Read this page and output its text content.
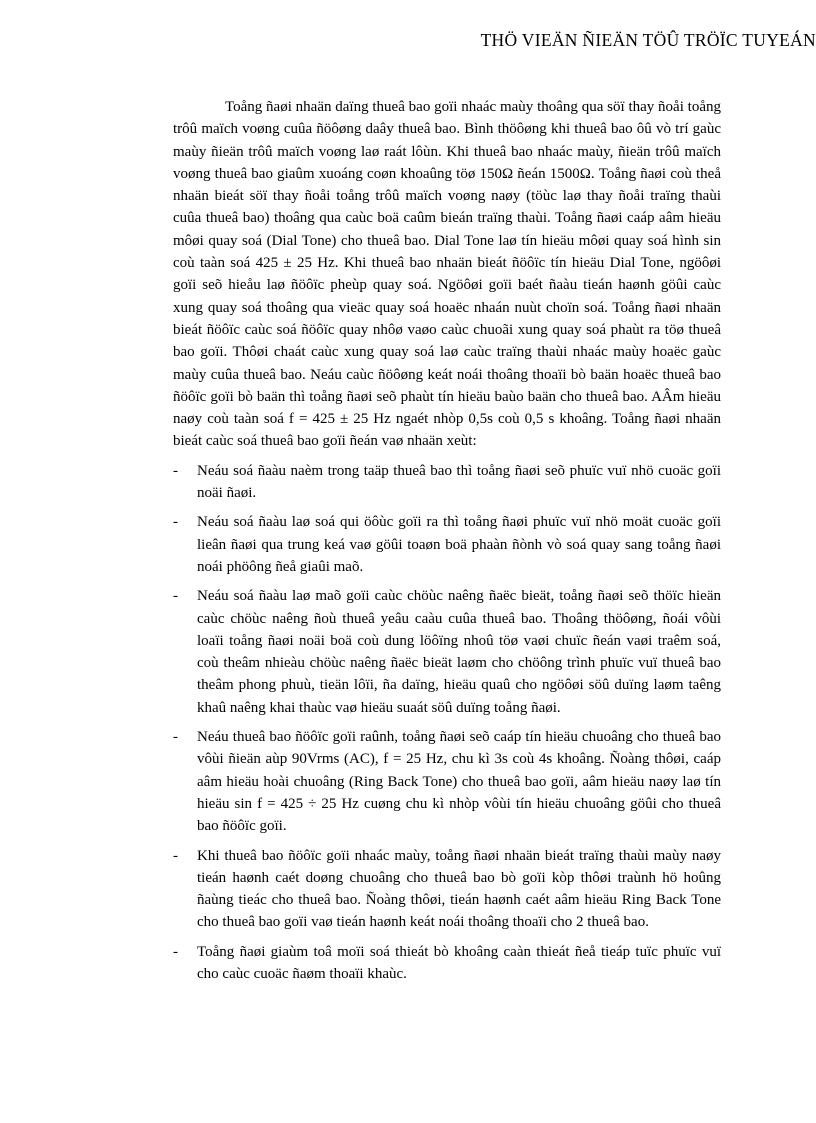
THÖ VIEÄN ÑIEÄN TÖÛ TRÖÏC TUYEÁN

Toång ñaøi nhaän daïng thueâ bao goïi nhaác maùy thoâng qua söï thay ñoåi toång trôû maïch voøng cuûa ñöôøng daây thueâ bao. Bình thöôøng khi thueâ bao ôû vò trí gaùc maùy ñieän trôû maïch voøng laø raát lôùn. Khi thueâ bao nhaác maùy, ñieän trôû maïch voøng thueâ bao giaûm xuoáng coøn khoaûng töø 150Ω ñeán 1500Ω. Toång ñaøi coù theå nhaän bieát söï thay ñoåi toång trôû maïch voøng naøy (töùc laø thay ñoåi traïng thaùi cuûa thueâ bao) thoâng qua caùc boä caûm bieán traïng thaùi. Toång ñaøi caáp aâm hieäu môøi quay soá (Dial Tone) cho thueâ bao. Dial Tone laø tín hieäu môøi quay soá hình sin coù taàn soá 425 ± 25 Hz. Khi thueâ bao nhaän bieát ñöôïc tín hieäu Dial Tone, ngöôøi goïi seõ hieåu laø ñöôïc pheùp quay soá. Ngöôøi goïi baét ñaàu tieán haønh göûi caùc xung quay soá thoâng qua vieäc quay soá hoaëc nhaán nuùt choïn soá. Toång ñaøi nhaän bieát ñöôïc caùc soá ñöôïc quay nhôø vaøo caùc chuoãi xung quay soá phaùt ra töø thueâ bao goïi. Thôøi chaát caùc xung quay soá laø caùc traïng thaùi nhaác maùy hoaëc gaùc maùy cuûa thueâ bao. Neáu caùc ñöôøng keát noái thoâng thoaïi bò baän hoaëc thueâ bao ñöôïc goïi bò baän thì toång ñaøi seõ phaùt tín hieäu baùo baän cho thueâ bao. AÂm hieäu naøy coù taàn soá f = 425 ± 25 Hz ngaét nhòp 0,5s coù 0,5 s khoâng. Toång ñaøi nhaän bieát caùc soá thueâ bao goïi ñeán vaø nhaän xeùt:

- Neáu soá ñaàu naèm trong taäp thueâ bao thì toång ñaøi seõ phuïc vuï nhö cuoäc goïi noäi ñaøi.
- Neáu soá ñaàu laø soá qui öôùc goïi ra thì toång ñaøi phuïc vuï nhö moät cuoäc goïi lieân ñaøi qua trung keá vaø göûi toaøn boä phaàn ñònh vò soá quay sang toång ñaøi noái phöông ñeå giaûi maõ.
- Neáu soá ñaàu laø maõ goïi caùc chöùc naêng ñaëc bieät, toång ñaøi seõ thöïc hieän caùc chöùc naêng ñoù thueâ yeâu caàu cuûa thueâ bao. Thoâng thöôøng, ñoái vôùi loaïi toång ñaøi noäi boä coù dung löôïng nhoû töø vaøi chuïc ñeán vaøi traêm soá, coù theâm nhieàu chöùc naêng ñaëc bieät laøm cho chöông trình phuïc vuï thueâ bao theâm phong phuù, tieän lôïi, ña daïng, hieäu quaû cho ngöôøi söû duïng laøm taêng khaû naêng khai thaùc vaø hieäu suaát söû duïng toång ñaøi.
- Neáu thueâ bao ñöôïc goïi raûnh, toång ñaøi seõ caáp tín hieäu chuoâng cho thueâ bao vôùi ñieän aùp 90Vrms (AC), f = 25 Hz, chu kì 3s coù 4s khoâng. Ñoàng thôøi, caáp aâm hieäu hoài chuoâng (Ring Back Tone) cho thueâ bao goïi, aâm hieäu naøy laø tín hieäu sin f = 425 ÷ 25 Hz cuøng chu kì nhòp vôùi tín hieäu chuoâng göûi cho thueâ bao ñöôïc goïi.
- Khi thueâ bao ñöôïc goïi nhaác maùy, toång ñaøi nhaän bieát traïng thaùi maùy naøy tieán haønh caét doøng chuoâng cho thueâ bao bò goïi kòp thôøi traùnh hö hoûng ñaùng tieác cho thueâ bao. Ñoàng thôøi, tieán haønh caét aâm hieäu Ring Back Tone cho thueâ bao goïi vaø tieán haønh keát noái thoâng thoaïi cho 2 thueâ bao.
- Toång ñaøi giaùm toâ moïi soá thieát bò khoâng caàn thieát ñeå tieáp tuïc phuïc vuï cho caùc cuoäc ñaøm thoaïi khaùc.
